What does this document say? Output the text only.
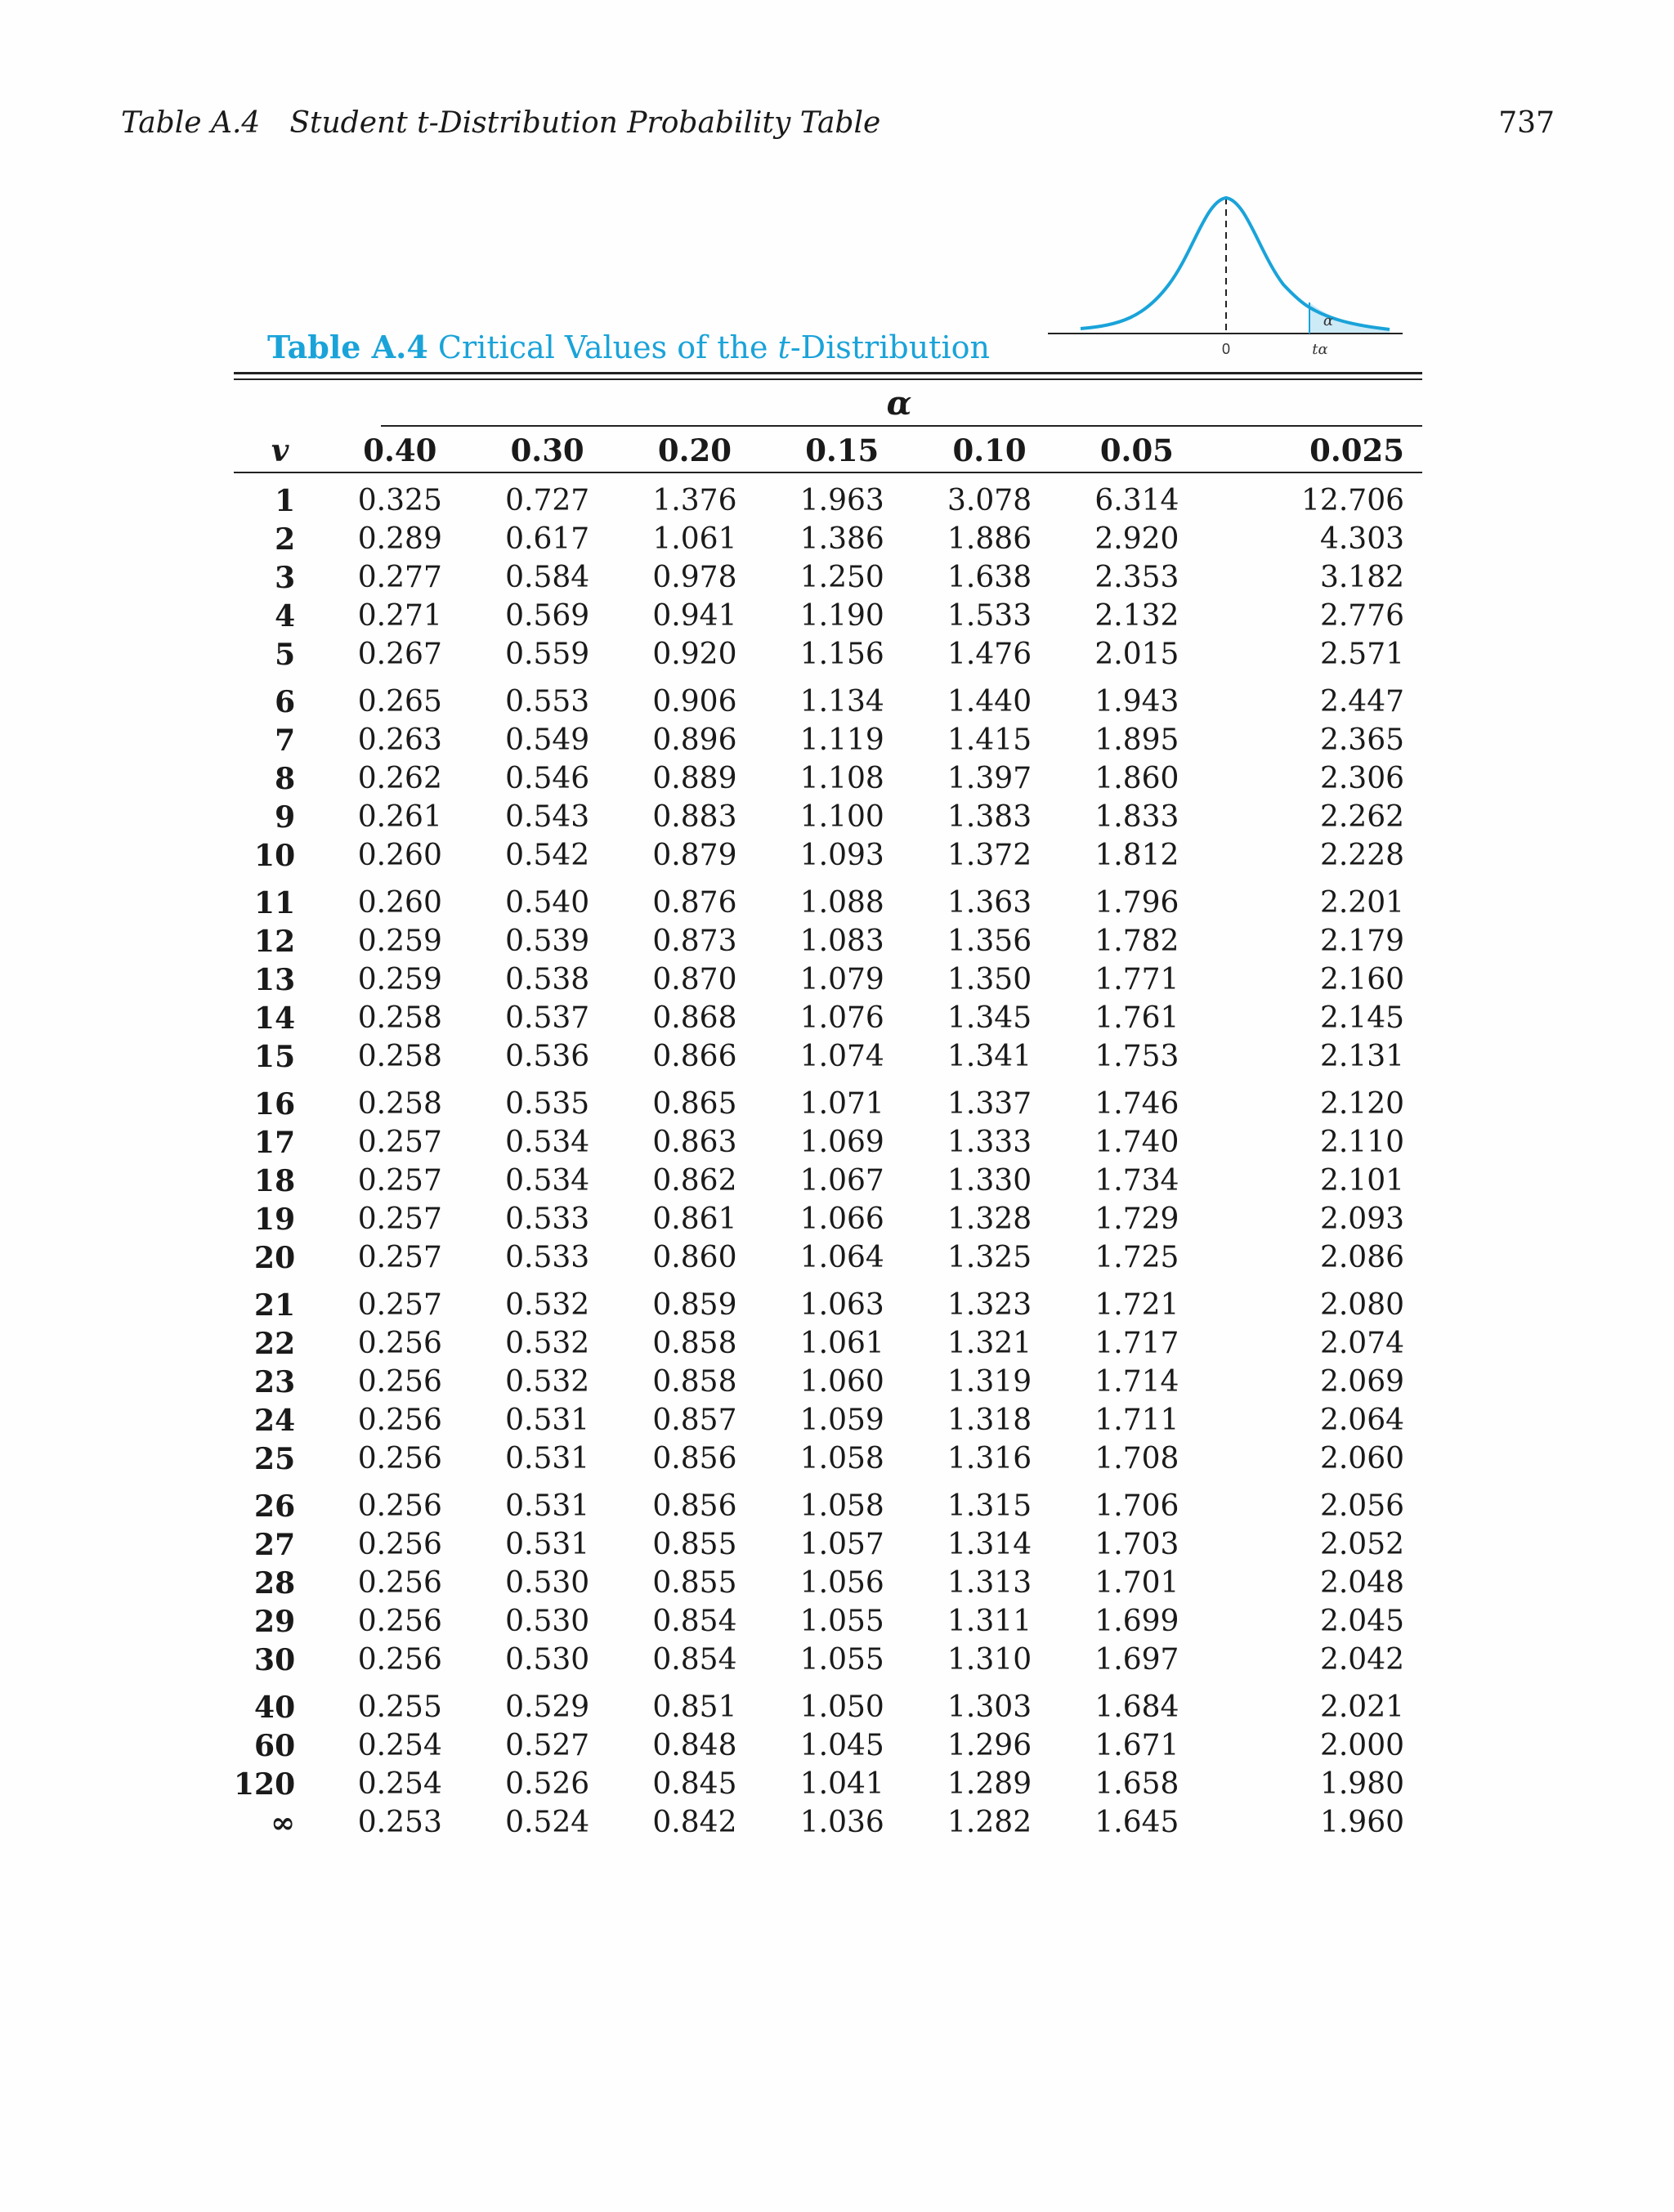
Table A.4 Student t-Distribution Probability Table	737
0	tα
α
Table A.4 Critical Values of the t-Distribution
α
v	0.40	0.30	0.20	0.15	0.10	0.05	0.025
1	0.325	0.727	1.376	1.963	3.078	6.314	12.706
2	0.289	0.617	1.061	1.386	1.886	2.920	4.303
3	0.277	0.584	0.978	1.250	1.638	2.353	3.182
4	0.271	0.569	0.941	1.190	1.533	2.132	2.776
5	0.267	0.559	0.920	1.156	1.476	2.015	2.571
6	0.265	0.553	0.906	1.134	1.440	1.943	2.447
7	0.263	0.549	0.896	1.119	1.415	1.895	2.365
8	0.262	0.546	0.889	1.108	1.397	1.860	2.306
9	0.261	0.543	0.883	1.100	1.383	1.833	2.262
10	0.260	0.542	0.879	1.093	1.372	1.812	2.228
11	0.260	0.540	0.876	1.088	1.363	1.796	2.201
12	0.259	0.539	0.873	1.083	1.356	1.782	2.179
13	0.259	0.538	0.870	1.079	1.350	1.771	2.160
14	0.258	0.537	0.868	1.076	1.345	1.761	2.145
15	0.258	0.536	0.866	1.074	1.341	1.753	2.131
16	0.258	0.535	0.865	1.071	1.337	1.746	2.120
17	0.257	0.534	0.863	1.069	1.333	1.740	2.110
18	0.257	0.534	0.862	1.067	1.330	1.734	2.101
19	0.257	0.533	0.861	1.066	1.328	1.729	2.093
20	0.257	0.533	0.860	1.064	1.325	1.725	2.086
21	0.257	0.532	0.859	1.063	1.323	1.721	2.080
22	0.256	0.532	0.858	1.061	1.321	1.717	2.074
23	0.256	0.532	0.858	1.060	1.319	1.714	2.069
24	0.256	0.531	0.857	1.059	1.318	1.711	2.064
25	0.256	0.531	0.856	1.058	1.316	1.708	2.060
26	0.256	0.531	0.856	1.058	1.315	1.706	2.056
27	0.256	0.531	0.855	1.057	1.314	1.703	2.052
28	0.256	0.530	0.855	1.056	1.313	1.701	2.048
29	0.256	0.530	0.854	1.055	1.311	1.699	2.045
30	0.256	0.530	0.854	1.055	1.310	1.697	2.042
40	0.255	0.529	0.851	1.050	1.303	1.684	2.021
60	0.254	0.527	0.848	1.045	1.296	1.671	2.000
120	0.254	0.526	0.845	1.041	1.289	1.658	1.980
∞	0.253	0.524	0.842	1.036	1.282	1.645	1.960
